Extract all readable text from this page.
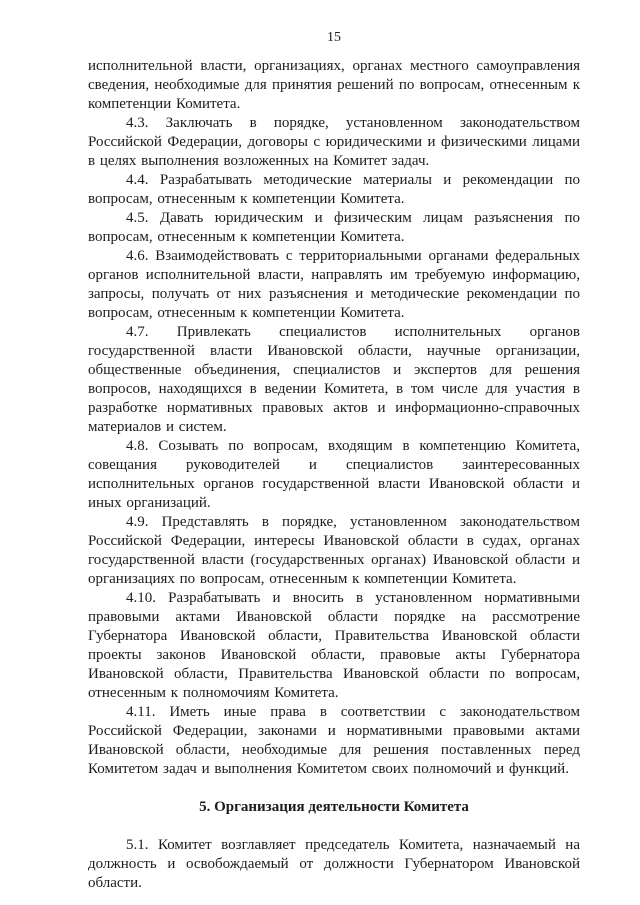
15

исполнительной власти, организациях, органах местного самоуправления сведения, необходимые для принятия решений по вопросам, отнесенным к компетенции Комитета.

4.3. Заключать в порядке, установленном законодательством Российской Федерации, договоры с юридическими и физическими лицами в целях выполнения возложенных на Комитет задач.

4.4. Разрабатывать методические материалы и рекомендации по вопросам, отнесенным к компетенции Комитета.

4.5. Давать юридическим и физическим лицам разъяснения по вопросам, отнесенным к компетенции Комитета.

4.6. Взаимодействовать с территориальными органами федеральных органов исполнительной власти, направлять им требуемую информацию, запросы, получать от них разъяснения и методические рекомендации по вопросам, отнесенным к компетенции Комитета.

4.7. Привлекать специалистов исполнительных органов государственной власти Ивановской области, научные организации, общественные объединения, специалистов и экспертов для решения вопросов, находящихся в ведении Комитета, в том числе для участия в разработке нормативных правовых актов и информационно-справочных материалов и систем.

4.8. Созывать по вопросам, входящим в компетенцию Комитета, совещания руководителей и специалистов заинтересованных исполнительных органов государственной власти Ивановской области и иных организаций.

4.9. Представлять в порядке, установленном законодательством Российской Федерации, интересы Ивановской области в судах, органах государственной власти (государственных органах) Ивановской области и организациях по вопросам, отнесенным к компетенции Комитета.

4.10. Разрабатывать и вносить в установленном нормативными правовыми актами Ивановской области порядке на рассмотрение Губернатора Ивановской области, Правительства Ивановской области проекты законов Ивановской области, правовые акты Губернатора Ивановской области, Правительства Ивановской области по вопросам, отнесенным к полномочиям Комитета.

4.11. Иметь иные права в соответствии с законодательством Российской Федерации, законами и нормативными правовыми актами Ивановской области, необходимые для решения поставленных перед Комитетом задач и выполнения Комитетом своих полномочий и функций.

5. Организация деятельности Комитета

5.1. Комитет возглавляет председатель Комитета, назначаемый на должность и освобождаемый от должности Губернатором Ивановской области.
